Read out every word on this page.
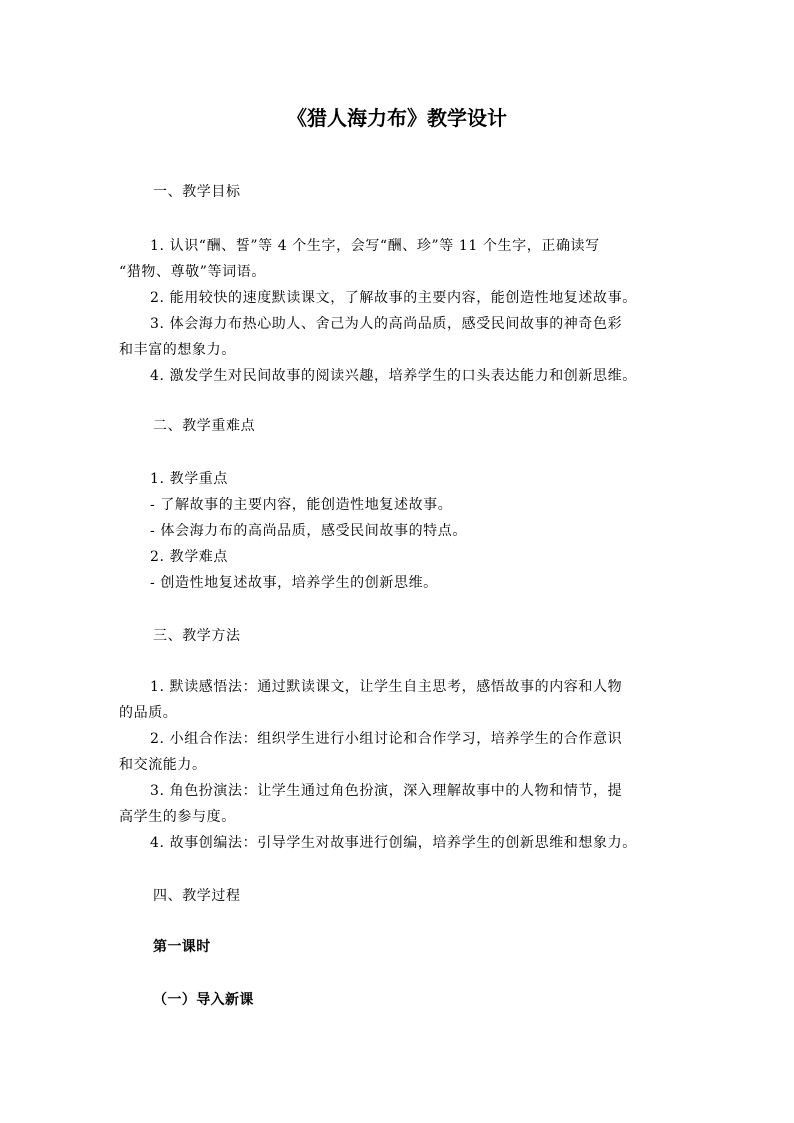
《猎人海力布》教学设计
一、教学目标
1. 认识“酬、誓”等 4 个生字，会写“酬、珍”等 11 个生字，正确读写
“猎物、尊敬”等词语。
2. 能用较快的速度默读课文，了解故事的主要内容，能创造性地复述故事。
3. 体会海力布热心助人、舍己为人的高尚品质，感受民间故事的神奇色彩
和丰富的想象力。
4. 激发学生对民间故事的阅读兴趣，培养学生的口头表达能力和创新思维。
二、教学重难点
1. 教学重点
- 了解故事的主要内容，能创造性地复述故事。
- 体会海力布的高尚品质，感受民间故事的特点。
2. 教学难点
- 创造性地复述故事，培养学生的创新思维。
三、教学方法
1. 默读感悟法：通过默读课文，让学生自主思考，感悟故事的内容和人物
的品质。
2. 小组合作法：组织学生进行小组讨论和合作学习，培养学生的合作意识
和交流能力。
3. 角色扮演法：让学生通过角色扮演，深入理解故事中的人物和情节，提
高学生的参与度。
4. 故事创编法：引导学生对故事进行创编，培养学生的创新思维和想象力。
四、教学过程
第一课时
（一）导入新课
